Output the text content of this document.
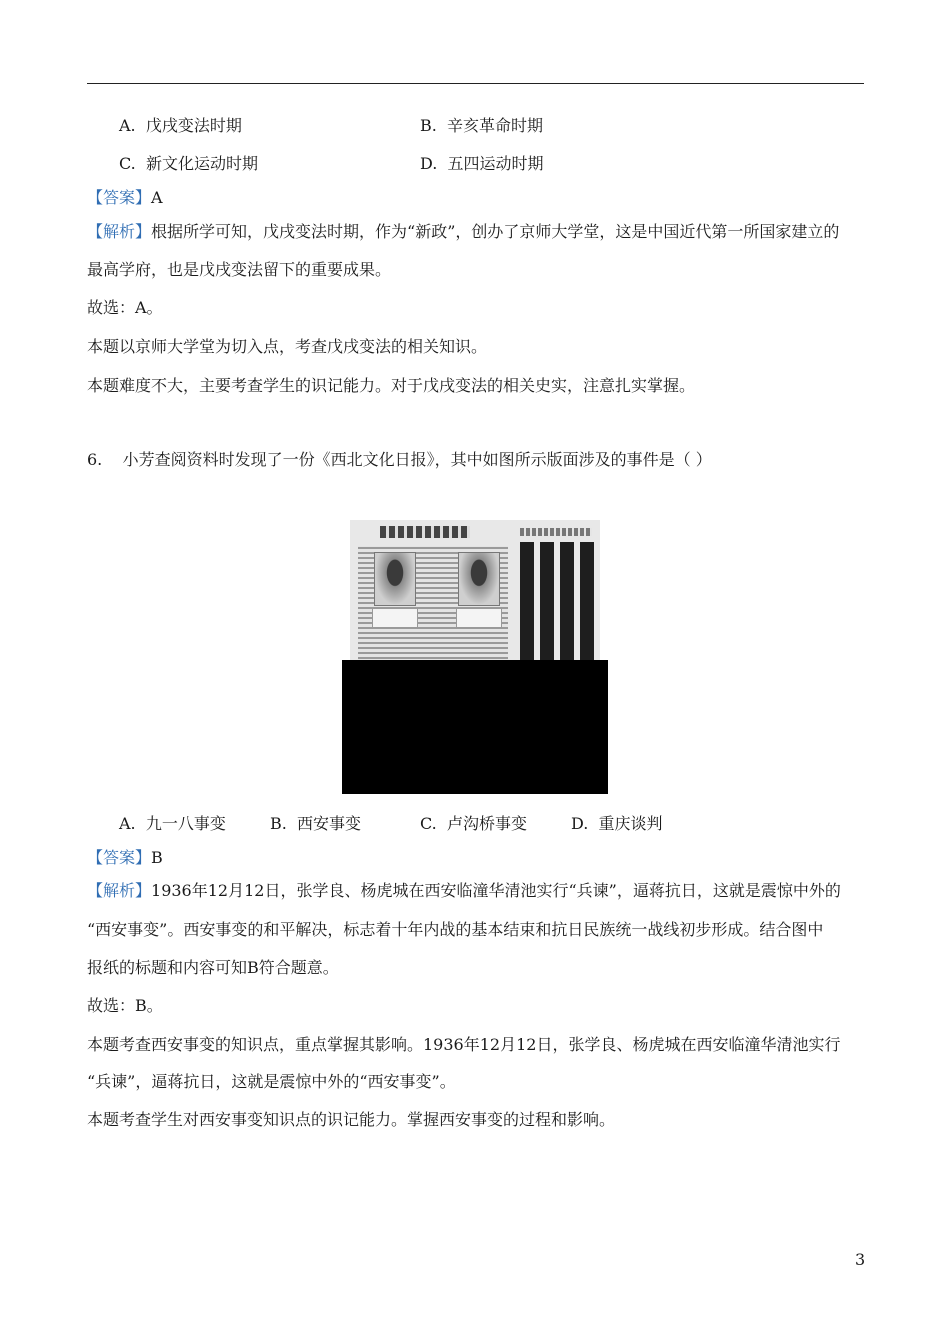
A. 戊戌变法时期	B. 辛亥革命时期
C. 新文化运动时期	D. 五四运动时期
【答案】A
【解析】根据所学可知，戊戌变法时期，作为“新政”，创办了京师大学堂，这是中国近代第一所国家建立的
最高学府，也是戊戌变法留下的重要成果。
故选：A。
本题以京师大学堂为切入点，考查戊戌变法的相关知识。
本题难度不大，主要考查学生的识记能力。对于戊戌变法的相关史实，注意扎实掌握。
6. 小芳查阅资料时发现了一份《西北文化日报》，其中如图所示版面涉及的事件是（ ）
A. 九一八事变	B. 西安事变	C. 卢沟桥事变	D. 重庆谈判
【答案】B
【解析】1936年12月12日，张学良、杨虎城在西安临潼华清池实行“兵谏”，逼蒋抗日，这就是震惊中外的
“西安事变”。西安事变的和平解决，标志着十年内战的基本结束和抗日民族统一战线初步形成。结合图中
报纸的标题和内容可知B符合题意。
故选：B。
本题考查西安事变的知识点，重点掌握其影响。1936年12月12日，张学良、杨虎城在西安临潼华清池实行
“兵谏”，逼蒋抗日，这就是震惊中外的“西安事变”。
本题考查学生对西安事变知识点的识记能力。掌握西安事变的过程和影响。
3
